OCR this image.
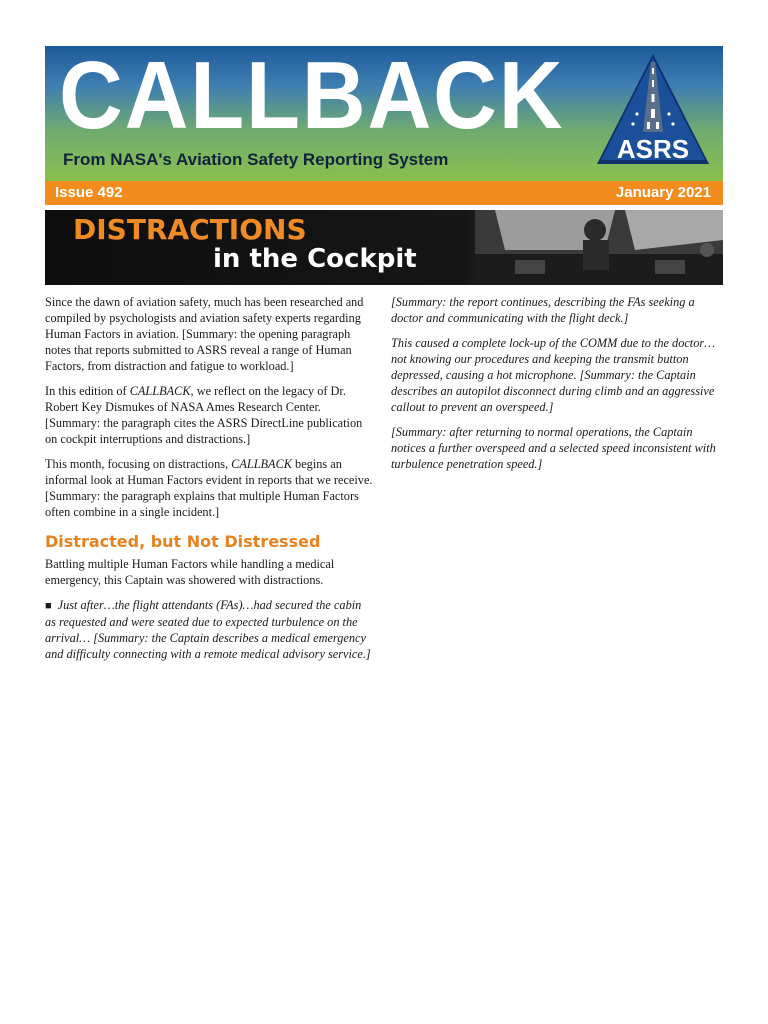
CALLBACK
From NASA's Aviation Safety Reporting System	ASRS
Issue 492	January 2021
DISTRACTIONS
in the Cockpit

Since the dawn of aviation safety, much has been researched and compiled by psychologists and aviation safety experts regarding Human Factors in aviation. [Summary: the opening paragraph notes that reports submitted to ASRS reveal a range of Human Factors, from distraction and fatigue to workload.]

In this edition of CALLBACK, we reflect on the legacy of Dr. Robert Key Dismukes of NASA Ames Research Center. [Summary: the paragraph cites the ASRS DirectLine publication on cockpit interruptions and distractions.]

This month, focusing on distractions, CALLBACK begins an informal look at Human Factors evident in reports that we receive. [Summary: the paragraph explains that multiple Human Factors often combine in a single incident.]

Distracted, but Not Distressed

Battling multiple Human Factors while handling a medical emergency, this Captain was showered with distractions.

■ Just after…the flight attendants (FAs)…had secured the cabin as requested and were seated due to expected turbulence on the arrival… [Summary: the Captain describes a medical emergency and difficulty connecting with a remote medical advisory service.]

[Summary: the report continues, describing the FAs seeking a doctor and communicating with the flight deck.]

This caused a complete lock-up of the COMM due to the doctor…not knowing our procedures and keeping the transmit button depressed, causing a hot microphone. [Summary: the Captain describes an autopilot disconnect during climb and an aggressive callout to prevent an overspeed.]

[Summary: after returning to normal operations, the Captain notices a further overspeed and a selected speed inconsistent with turbulence penetration speed.]
